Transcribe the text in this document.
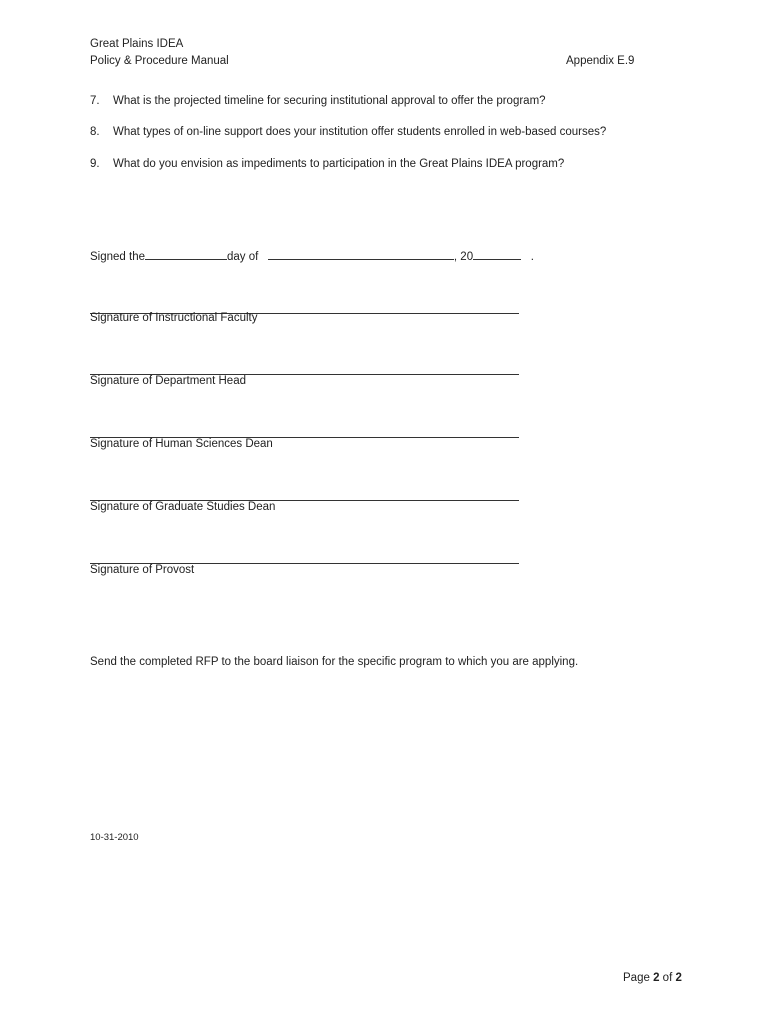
Great Plains IDEA
Policy & Procedure Manual	Appendix E.9
7. What is the projected timeline for securing institutional approval to offer the program?
8. What types of on-line support does your institution offer students enrolled in web-based courses?
9. What do you envision as impediments to participation in the Great Plains IDEA program?
Signed the	day of	, 20	.
Signature of Instructional Faculty
Signature of Department Head
Signature of Human Sciences Dean
Signature of Graduate Studies Dean
Signature of Provost
Send the completed RFP to the board liaison for the specific program to which you are applying.
10-31-2010
Page 2 of 2
